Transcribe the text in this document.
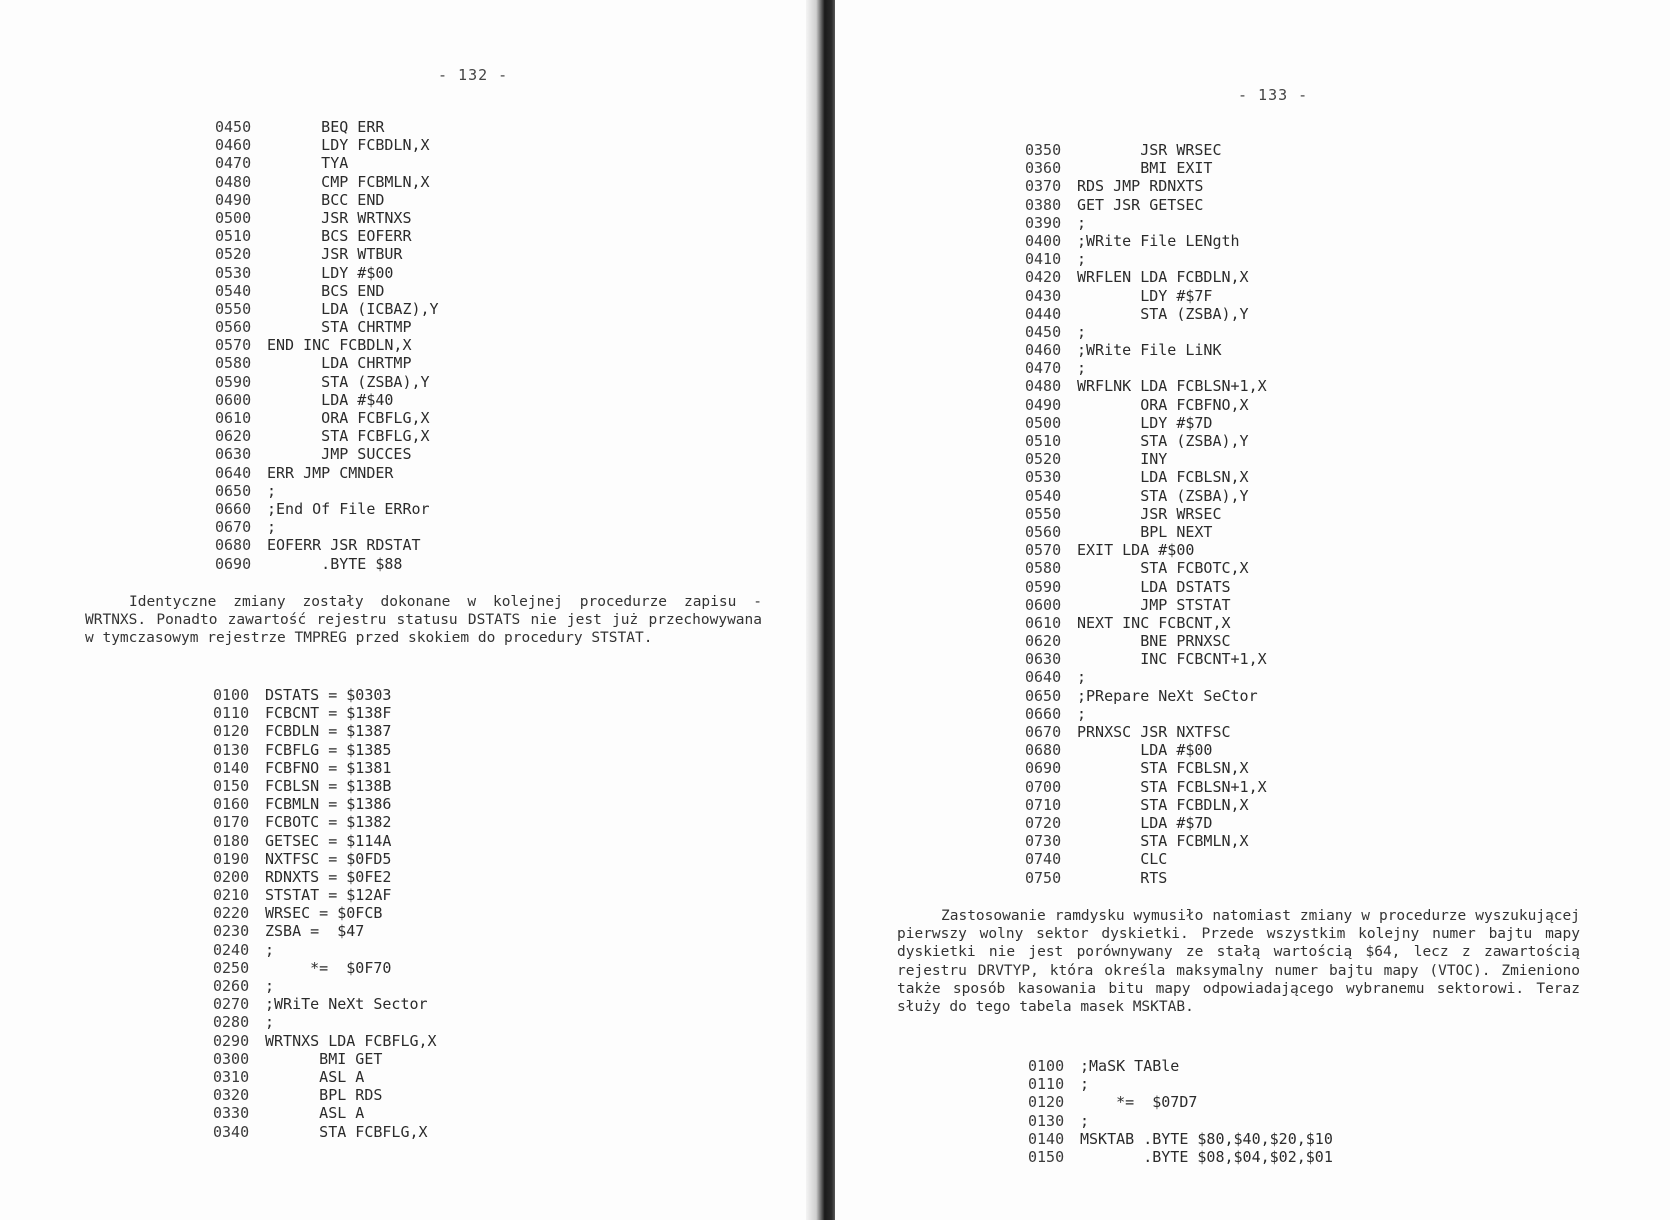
- 132 -
0450	BEQ ERR
0460	LDY FCBDLN,X
0470	TYA
0480	CMP FCBMLN,X
0490	BCC END
0500	JSR WRTNXS
0510	BCS EOFERR
0520	JSR WTBUR
0530	LDY #$00
0540	BCS END
0550	LDA (ICBAZ),Y
0560	STA CHRTMP
0570	END INC FCBDLN,X
0580	LDA CHRTMP
0590	STA (ZSBA),Y
0600	LDA #$40
0610	ORA FCBFLG,X
0620	STA FCBFLG,X
0630	JMP SUCCES
0640	ERR JMP CMNDER
0650	;
0660	;End Of File ERRor
0670	;
0680	EOFERR JSR RDSTAT
0690	.BYTE $88
Identyczne zmiany zostały dokonane w kolejnej procedurze zapisu - WRTNXS. Ponadto zawartość rejestru statusu DSTATS nie jest już przechowywana w tymczasowym rejestrze TMPREG przed skokiem do procedury STSTAT.
0100	DSTATS = $0303
0110	FCBCNT = $138F
0120	FCBDLN = $1387
0130	FCBFLG = $1385
0140	FCBFNO = $1381
0150	FCBLSN = $138B
0160	FCBMLN = $1386
0170	FCBOTC = $1382
0180	GETSEC = $114A
0190	NXTFSC = $0FD5
0200	RDNXTS = $0FE2
0210	STSTAT = $12AF
0220	WRSEC = $0FCB
0230	ZSBA =  $47
0240	;
0250	*=  $0F70
0260	;
0270	;WRiTe NeXt Sector
0280	;
0290	WRTNXS LDA FCBFLG,X
0300	BMI GET
0310	ASL A
0320	BPL RDS
0330	ASL A
0340	STA FCBFLG,X
- 133 -
0350	JSR WRSEC
0360	BMI EXIT
0370	RDS JMP RDNXTS
0380	GET JSR GETSEC
0390	;
0400	;WRite File LENgth
0410	;
0420	WRFLEN LDA FCBDLN,X
0430	LDY #$7F
0440	STA (ZSBA),Y
0450	;
0460	;WRite File LiNK
0470	;
0480	WRFLNK LDA FCBLSN+1,X
0490	ORA FCBFNO,X
0500	LDY #$7D
0510	STA (ZSBA),Y
0520	INY
0530	LDA FCBLSN,X
0540	STA (ZSBA),Y
0550	JSR WRSEC
0560	BPL NEXT
0570	EXIT LDA #$00
0580	STA FCBOTC,X
0590	LDA DSTATS
0600	JMP STSTAT
0610	NEXT INC FCBCNT,X
0620	BNE PRNXSC
0630	INC FCBCNT+1,X
0640	;
0650	;PRepare NeXt SeCtor
0660	;
0670	PRNXSC JSR NXTFSC
0680	LDA #$00
0690	STA FCBLSN,X
0700	STA FCBLSN+1,X
0710	STA FCBDLN,X
0720	LDA #$7D
0730	STA FCBMLN,X
0740	CLC
0750	RTS
Zastosowanie ramdysku wymusiło natomiast zmiany w procedurze wyszukującej pierwszy wolny sektor dyskietki. Przede wszystkim kolejny numer bajtu mapy dyskietki nie jest porównywany ze stałą wartością $64, lecz z zawartością rejestru DRVTYP, która określa maksymalny numer bajtu mapy (VTOC). Zmieniono także sposób kasowania bitu mapy odpowiadającego wybranemu sektorowi. Teraz służy do tego tabela masek MSKTAB.
0100	;MaSK TABle
0110	;
0120	*=  $07D7
0130	;
0140	MSKTAB .BYTE $80,$40,$20,$10
0150	.BYTE $08,$04,$02,$01
